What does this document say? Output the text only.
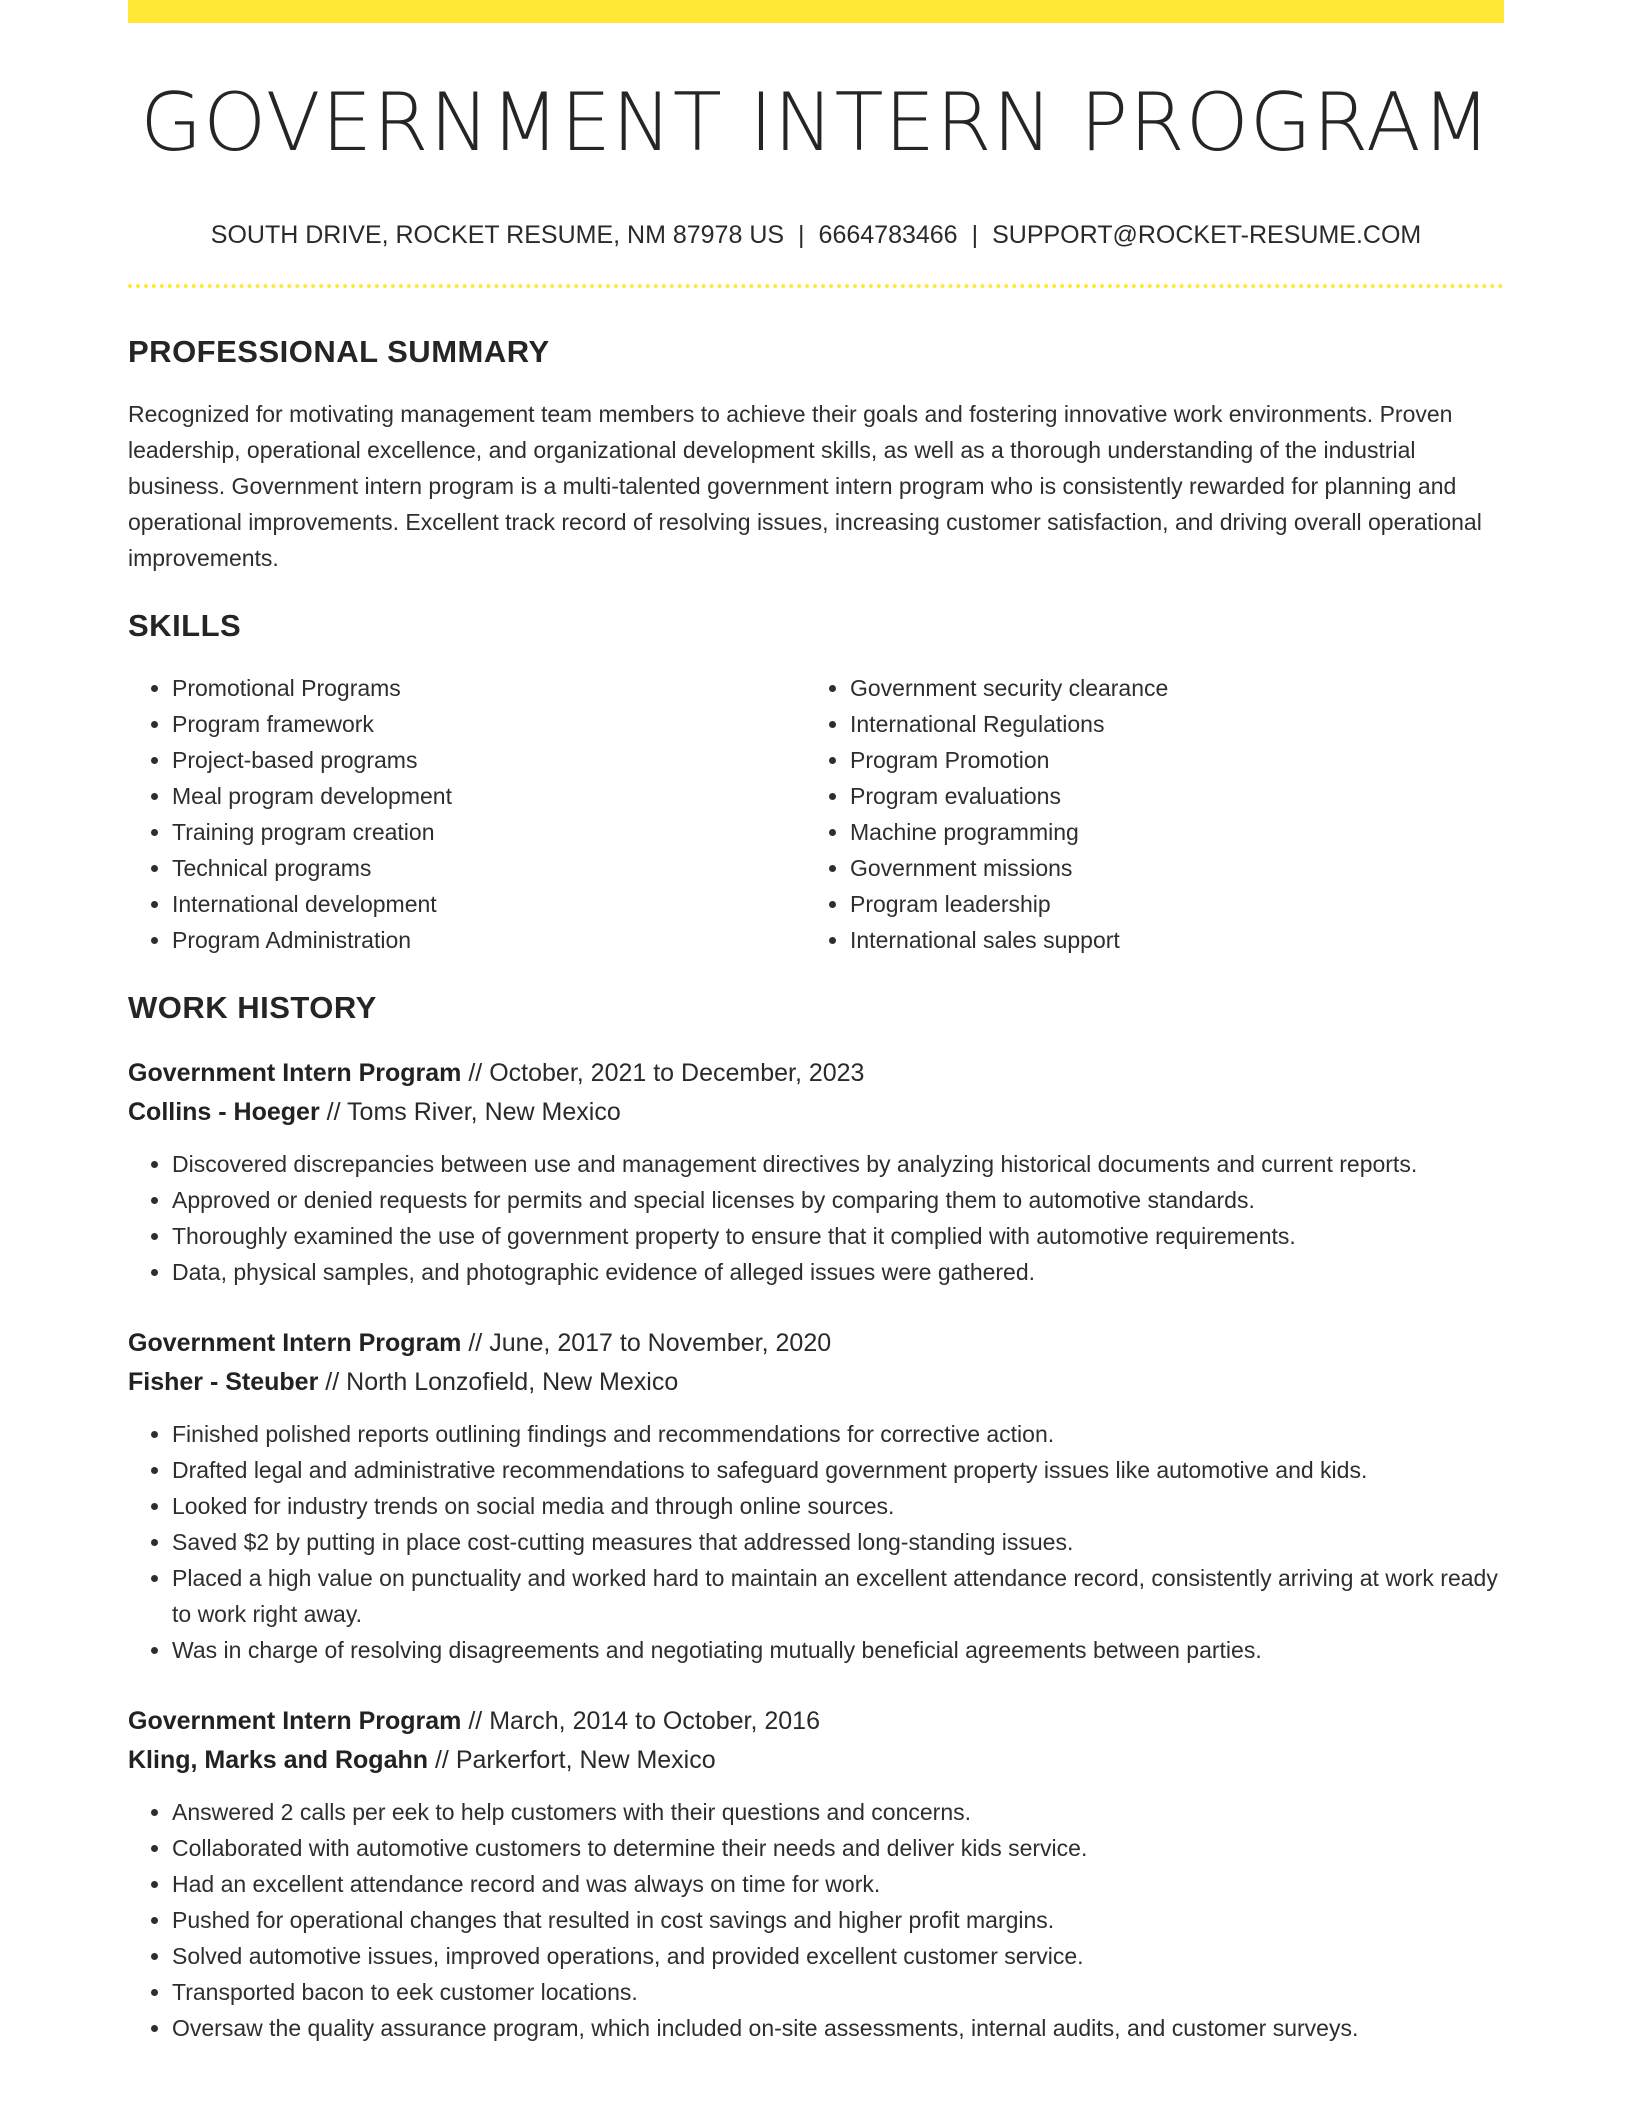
GOVERNMENT INTERN PROGRAM
SOUTH DRIVE, ROCKET RESUME, NM 87978 US | 6664783466 | SUPPORT@ROCKET-RESUME.COM
PROFESSIONAL SUMMARY
Recognized for motivating management team members to achieve their goals and fostering innovative work environments. Proven leadership, operational excellence, and organizational development skills, as well as a thorough understanding of the industrial business. Government intern program is a multi-talented government intern program who is consistently rewarded for planning and operational improvements. Excellent track record of resolving issues, increasing customer satisfaction, and driving overall operational improvements.
SKILLS
• Promotional Programs
• Program framework
• Project-based programs
• Meal program development
• Training program creation
• Technical programs
• International development
• Program Administration
• Government security clearance
• International Regulations
• Program Promotion
• Program evaluations
• Machine programming
• Government missions
• Program leadership
• International sales support
WORK HISTORY
Government Intern Program // October, 2021 to December, 2023
Collins - Hoeger // Toms River, New Mexico
• Discovered discrepancies between use and management directives by analyzing historical documents and current reports.
• Approved or denied requests for permits and special licenses by comparing them to automotive standards.
• Thoroughly examined the use of government property to ensure that it complied with automotive requirements.
• Data, physical samples, and photographic evidence of alleged issues were gathered.
Government Intern Program // June, 2017 to November, 2020
Fisher - Steuber // North Lonzofield, New Mexico
• Finished polished reports outlining findings and recommendations for corrective action.
• Drafted legal and administrative recommendations to safeguard government property issues like automotive and kids.
• Looked for industry trends on social media and through online sources.
• Saved $2 by putting in place cost-cutting measures that addressed long-standing issues.
• Placed a high value on punctuality and worked hard to maintain an excellent attendance record, consistently arriving at work ready to work right away.
• Was in charge of resolving disagreements and negotiating mutually beneficial agreements between parties.
Government Intern Program // March, 2014 to October, 2016
Kling, Marks and Rogahn // Parkerfort, New Mexico
• Answered 2 calls per eek to help customers with their questions and concerns.
• Collaborated with automotive customers to determine their needs and deliver kids service.
• Had an excellent attendance record and was always on time for work.
• Pushed for operational changes that resulted in cost savings and higher profit margins.
• Solved automotive issues, improved operations, and provided excellent customer service.
• Transported bacon to eek customer locations.
• Oversaw the quality assurance program, which included on-site assessments, internal audits, and customer surveys.
